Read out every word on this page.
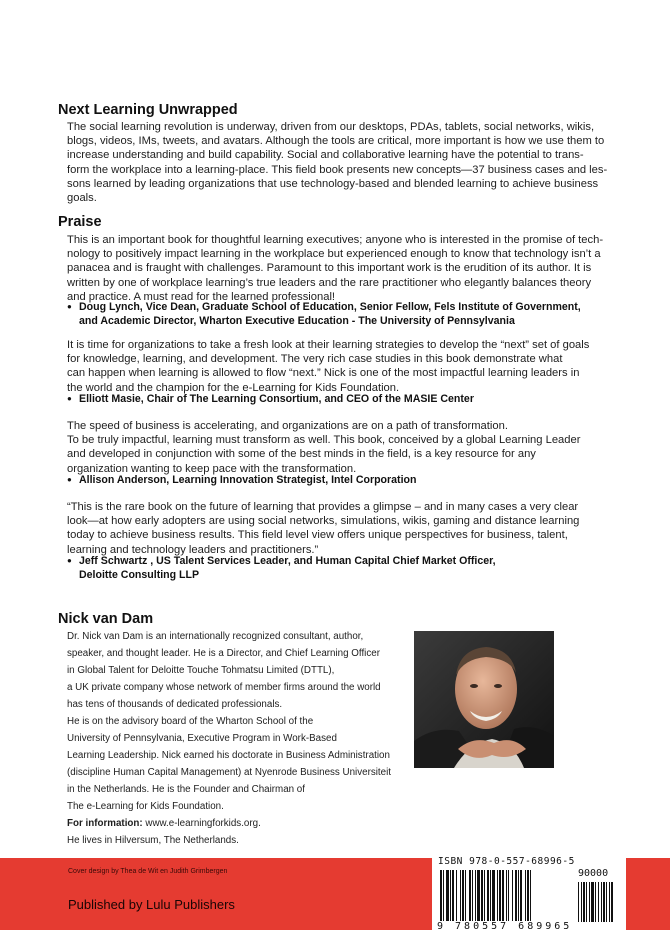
Next Learning Unwrapped

The social learning revolution is underway, driven from our desktops, PDAs, tablets, social networks, wikis,
blogs, videos, IMs, tweets, and avatars. Although the tools are critical, more important is how we use them to
increase understanding and build capability. Social and collaborative learning have the potential to trans-
form the workplace into a learning-place. This field book presents new concepts—37 business cases and les-
sons learned by leading organizations that use technology-based and blended learning to achieve business
goals.

Praise

This is an important book for thoughtful learning executives; anyone who is interested in the promise of tech-
nology to positively impact learning in the workplace but experienced enough to know that technology isn’t a
panacea and is fraught with challenges. Paramount to this important work is the erudition of its author. It is
written by one of workplace learning’s true leaders and the rare practitioner who elegantly balances theory
and practice. A must read for the learned professional!

● Doug Lynch, Vice Dean, Graduate School of Education, Senior Fellow, Fels Institute of Government,
and Academic Director, Wharton Executive Education - The University of Pennsylvania

It is time for organizations to take a fresh look at their learning strategies to develop the “next” set of goals
for knowledge, learning, and development. The very rich case studies in this book demonstrate what
can happen when learning is allowed to flow “next.” Nick is one of the most impactful learning leaders in
the world and the champion for the e-Learning for Kids Foundation.

● Elliott Masie, Chair of The Learning Consortium, and CEO of the MASIE Center

The speed of business is accelerating, and organizations are on a path of transformation.
To be truly impactful, learning must transform as well. This book, conceived by a global Learning Leader
and developed in conjunction with some of the best minds in the field, is a key resource for any
organization wanting to keep pace with the transformation.

● Allison Anderson, Learning Innovation Strategist, Intel Corporation

“This is the rare book on the future of learning that provides a glimpse – and in many cases a very clear
look—at how early adopters are using social networks, simulations, wikis, gaming and distance learning
today to achieve business results. This field level view offers unique perspectives for business, talent,
learning and technology leaders and practitioners.”

● Jeff Schwartz , US Talent Services Leader, and Human Capital Chief Market Officer,
Deloitte Consulting LLP

Nick van Dam

Dr. Nick van Dam is an internationally recognized consultant, author,
speaker, and thought leader. He is a Director, and Chief Learning Officer
in Global Talent for Deloitte Touche Tohmatsu Limited (DTTL),
a UK private company whose network of member firms around the world
has tens of thousands of dedicated professionals.
He is on the advisory board of the Wharton School of the
University of Pennsylvania, Executive Program in Work-Based
Learning Leadership. Nick earned his doctorate in Business Administration
(discipline Human Capital Management) at Nyenrode Business Universiteit
in the Netherlands. He is the Founder and Chairman of
The e-Learning for Kids Foundation.
For information: www.e-learningforkids.org.
He lives in Hilversum, The Netherlands.

Cover design by Thea de Wit en Judith Grimbergen
Published by Lulu Publishers
ISBN 978-0-557-68996-5
90000
9 780557 689965
